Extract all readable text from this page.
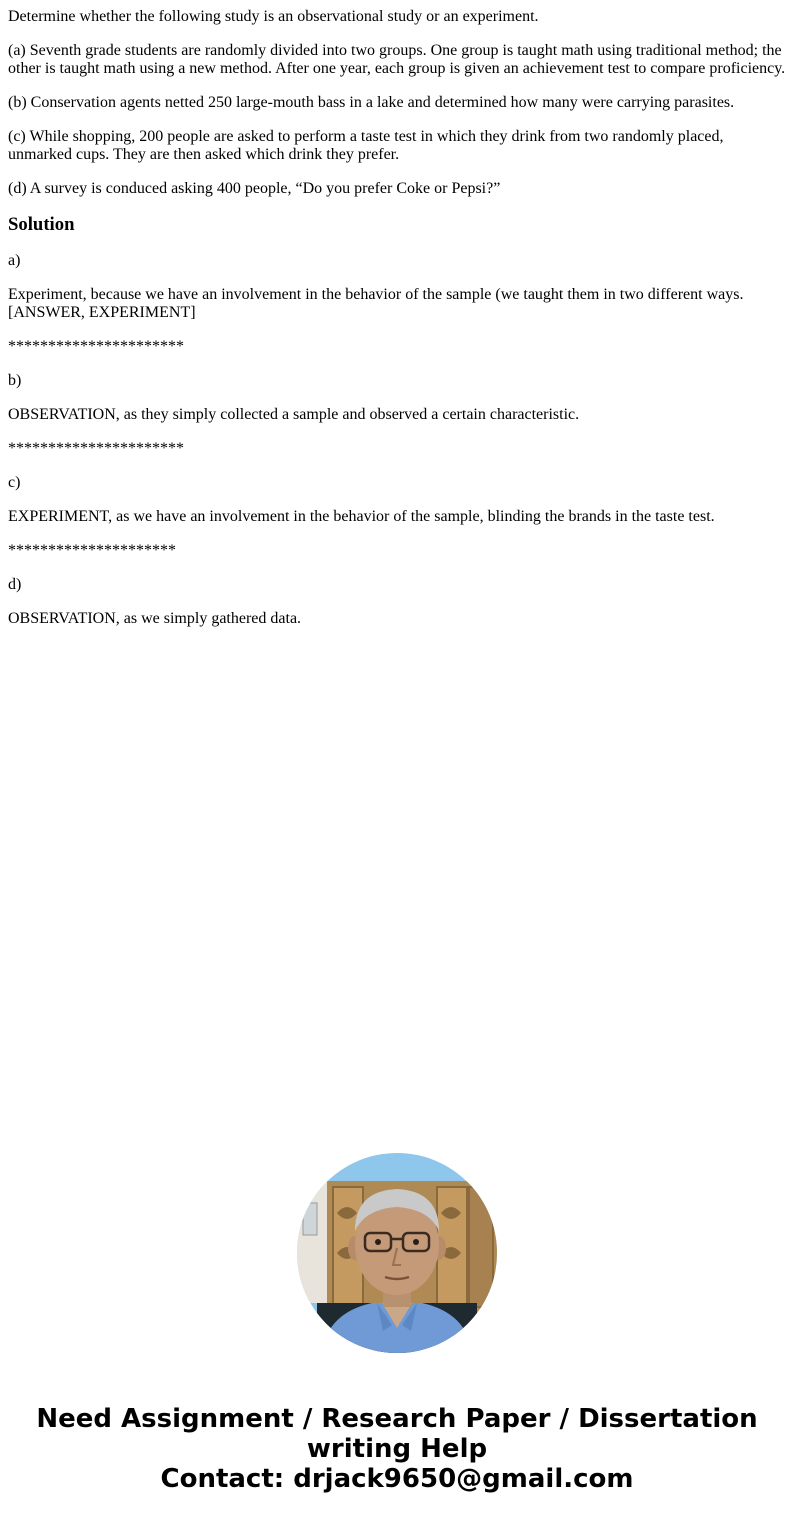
Determine whether the following study is an observational study or an experiment.

(a) Seventh grade students are randomly divided into two groups. One group is taught math using traditional method; the other is taught math using a new method. After one year, each group is given an achievement test to compare proficiency.

(b) Conservation agents netted 250 large-mouth bass in a lake and determined how many were carrying parasites.

(c) While shopping, 200 people are asked to perform a taste test in which they drink from two randomly placed, unmarked cups. They are then asked which drink they prefer.

(d) A survey is conduced asking 400 people, “Do you prefer Coke or Pepsi?”

Solution

a)

Experiment, because we have an involvement in the behavior of the sample (we taught them in two different ways. [ANSWER, EXPERIMENT]

**********************

b)

OBSERVATION, as they simply collected a sample and observed a certain characteristic.

**********************

c)

EXPERIMENT, as we have an involvement in the behavior of the sample, blinding the brands in the taste test.

*********************

d)

OBSERVATION, as we simply gathered data.

Need Assignment / Research Paper / Dissertation
writing Help
Contact: drjack9650@gmail.com
